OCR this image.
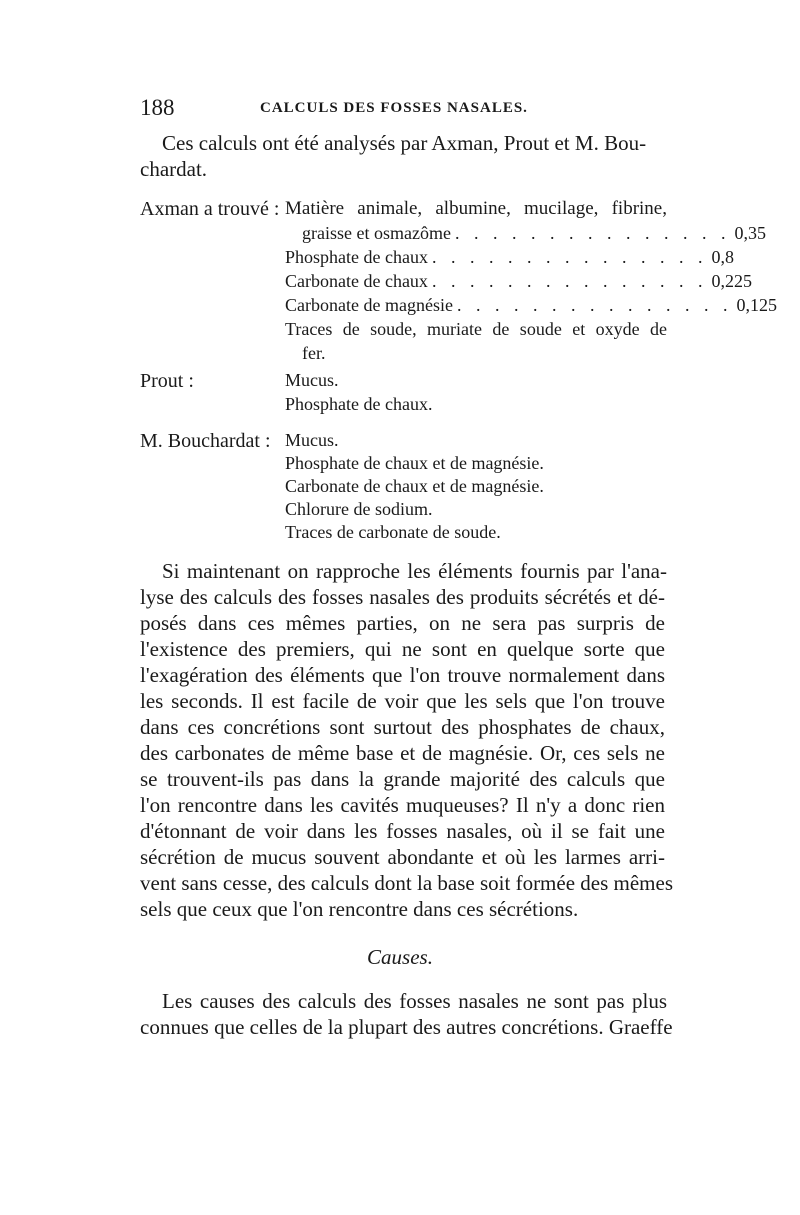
188	CALCULS DES FOSSES NASALES.
Ces calculs ont été analysés par Axman, Prout et M. Bou-
chardat.
Axman a trouvé : Matière animale, albumine, mucilage, fibrine,
graisse et osmazôme . . . . . . . . . . . . . . . 0,35
Phosphate de chaux . . . . . . . . . . . . . . . 0,8
Carbonate de chaux . . . . . . . . . . . . . . . 0,225
Carbonate de magnésie . . . . . . . . . . . . . . . 0,125
Traces de soude, muriate de soude et oxyde de
fer.
Prout :	Mucus.
Phosphate de chaux.
M. Bouchardat : Mucus.
Phosphate de chaux et de magnésie.
Carbonate de chaux et de magnésie.
Chlorure de sodium.
Traces de carbonate de soude.
Si maintenant on rapproche les éléments fournis par l'ana-
lyse des calculs des fosses nasales des produits sécrétés et dé-
posés dans ces mêmes parties, on ne sera pas surpris de
l'existence des premiers, qui ne sont en quelque sorte que
l'exagération des éléments que l'on trouve normalement dans
les seconds. Il est facile de voir que les sels que l'on trouve
dans ces concrétions sont surtout des phosphates de chaux,
des carbonates de même base et de magnésie. Or, ces sels ne
se trouvent-ils pas dans la grande majorité des calculs que
l'on rencontre dans les cavités muqueuses? Il n'y a donc rien
d'étonnant de voir dans les fosses nasales, où il se fait une
sécrétion de mucus souvent abondante et où les larmes arri-
vent sans cesse, des calculs dont la base soit formée des mêmes
sels que ceux que l'on rencontre dans ces sécrétions.
Causes.
Les causes des calculs des fosses nasales ne sont pas plus
connues que celles de la plupart des autres concrétions. Graeffe
